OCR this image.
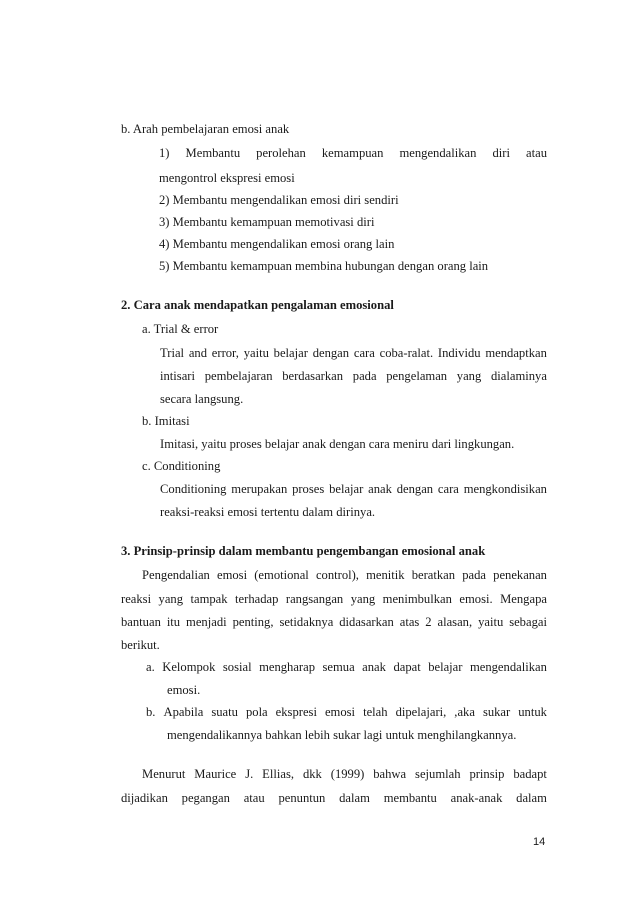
b. Arah pembelajaran emosi anak
1) Membantu perolehan kemampuan mengendalikan diri atau
mengontrol ekspresi emosi
2) Membantu mengendalikan emosi diri sendiri
3) Membantu kemampuan memotivasi diri
4) Membantu mengendalikan emosi orang lain
5) Membantu kemampuan membina hubungan dengan orang lain
2. Cara anak mendapatkan pengalaman emosional
a. Trial & error
Trial and error, yaitu belajar dengan cara coba-ralat. Individu mendaptkan
intisari pembelajaran berdasarkan pada pengelaman yang dialaminya
secara langsung.
b. Imitasi
Imitasi, yaitu proses belajar anak dengan cara meniru dari lingkungan.
c. Conditioning
Conditioning merupakan proses belajar anak dengan cara mengkondisikan
reaksi-reaksi emosi tertentu dalam dirinya.
3. Prinsip-prinsip dalam membantu pengembangan emosional anak
Pengendalian emosi (emotional control), menitik beratkan pada penekanan
reaksi yang tampak terhadap rangsangan yang menimbulkan emosi. Mengapa
bantuan itu menjadi penting, setidaknya didasarkan atas 2 alasan, yaitu sebagai
berikut.
a. Kelompok sosial mengharap semua anak dapat belajar mengendalikan
emosi.
b. Apabila suatu pola ekspresi emosi telah dipelajari, ,aka sukar untuk
mengendalikannya bahkan lebih sukar lagi untuk menghilangkannya.
Menurut Maurice J. Ellias, dkk (1999) bahwa sejumlah prinsip badapt
dijadikan pegangan atau penuntun dalam membantu anak-anak dalam
14
